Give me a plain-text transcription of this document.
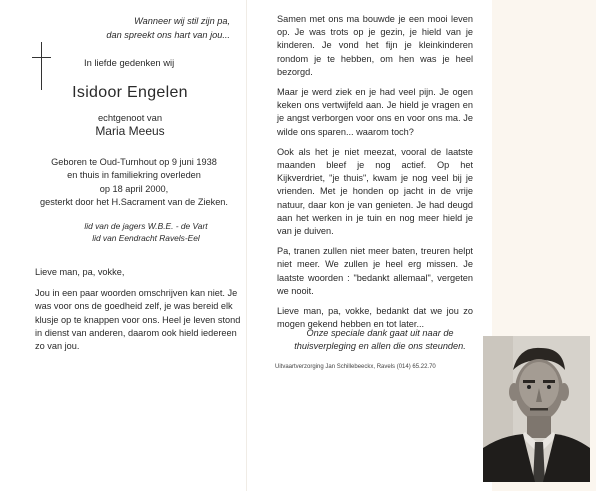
Wanneer wij stil zijn pa,
dan spreekt ons hart van jou...
In liefde gedenken wij
Isidoor Engelen
echtgenoot van
Maria Meeus
Geboren te Oud-Turnhout op 9 juni 1938
en thuis in familiekring overleden
op 18 april 2000,
gesterkt door het H.Sacrament van de Zieken.
lid van de jagers W.B.E. - de Vart
lid van Eendracht Ravels-Eel

Lieve man, pa, vokke,

Jou in een paar woorden omschrijven kan niet. Je was voor ons de goedheid zelf, je was bereid elk klusje op te knappen voor ons. Heel je leven stond in dienst van anderen, daarom ook hield iedereen zo van jou.

Samen met ons ma bouwde je een mooi leven op. Je was trots op je gezin, je hield van je kinderen. Je vond het fijn je kleinkinderen rondom je te hebben, om hen was je heel bezorgd.

Maar je werd ziek en je had veel pijn. Je ogen keken ons vertwijfeld aan. Je hield je vragen en je angst verborgen voor ons en voor ons ma. Je wilde ons sparen... waarom toch?

Ook als het je niet meezat, vooral de laatste maanden bleef je nog actief. Op het Kijkverdriet, "je thuis", kwam je nog veel bij je vrienden. Met je honden op jacht in de vrije natuur, daar kon je van genieten. Je had deugd aan het werken in je tuin en nog meer hield je van je duiven.

Pa, tranen zullen niet meer baten, treuren helpt niet meer. We zullen je heel erg missen. Je laatste woorden : "bedankt allemaal", vergeten we nooit.

Lieve man, pa, vokke, bedankt dat we jou zo mogen gekend hebben en tot later...

Onze speciale dank gaat uit naar de
thuisverpleging en allen die ons steunden.
Uitvaartverzorging Jan Schillebeeckx, Ravels (014) 65.22.70
